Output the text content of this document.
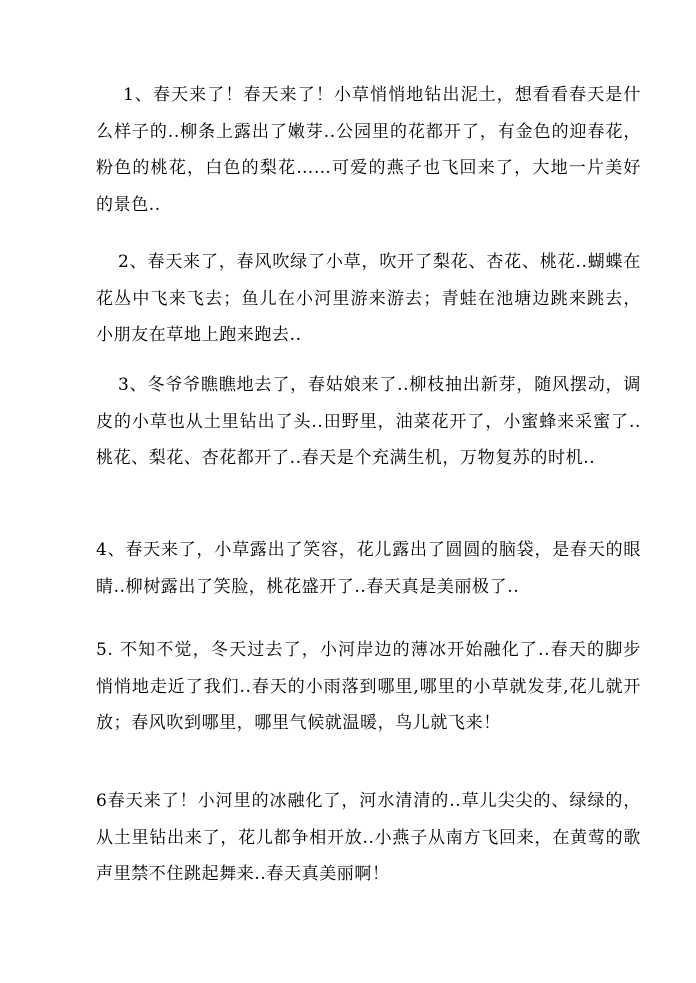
1、春天来了！春天来了！小草悄悄地钻出泥土，想看看春天是什么样子的..柳条上露出了嫩芽..公园里的花都开了，有金色的迎春花，粉色的桃花，白色的梨花……可爱的燕子也飞回来了，大地一片美好的景色..

2、春天来了，春风吹绿了小草，吹开了梨花、杏花、桃花..蝴蝶在花丛中飞来飞去；鱼儿在小河里游来游去；青蛙在池塘边跳来跳去，小朋友在草地上跑来跑去..

3、冬爷爷瞧瞧地去了，春姑娘来了..柳枝抽出新芽，随风摆动，调皮的小草也从土里钻出了头..田野里，油菜花开了，小蜜蜂来采蜜了..桃花、梨花、杏花都开了..春天是个充满生机，万物复苏的时机..

4、春天来了，小草露出了笑容，花儿露出了圆圆的脑袋，是春天的眼睛..柳树露出了笑脸，桃花盛开了..春天真是美丽极了..

5. 不知不觉，冬天过去了，小河岸边的薄冰开始融化了..春天的脚步悄悄地走近了我们..春天的小雨落到哪里,哪里的小草就发芽,花儿就开放；春风吹到哪里，哪里气候就温暖，鸟儿就飞来！

6春天来了！小河里的冰融化了，河水清清的..草儿尖尖的、绿绿的，从土里钻出来了，花儿都争相开放..小燕子从南方飞回来，在黄莺的歌声里禁不住跳起舞来..春天真美丽啊！
